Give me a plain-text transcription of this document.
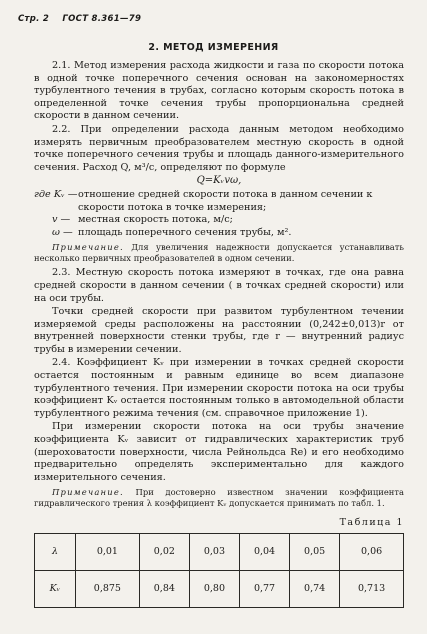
Стр. 2 ГОСТ 8.361—79
2. МЕТОД ИЗМЕРЕНИЯ

2.1. Метод измерения расхода жидкости и газа по скорости потока в одной точке поперечного сечения основан на закономерностях турбулентного течения в трубах, согласно которым скорость потока в определенной точке сечения трубы пропорциональна средней скорости в данном сечении.

2.2. При определении расхода данным методом необходимо измерять первичным преобразователем местную скорость в одной точке поперечного сечения трубы и площадь данного-измерительного сечения. Расход Q, м³/с, определяют по формуле

Q=Kᵥvω,
где Kᵥ — отношение средней скорости потока в данном сечении к скорости потока в точке измерения;
v — местная скорость потока, м/с;
ω — площадь поперечного сечения трубы, м².

Примечание. Для увеличения надежности допускается устанавливать несколько первичных преобразователей в одном сечении.

2.3. Местную скорость потока измеряют в точках, где она равна средней скорости в данном сечении ( в точках средней скорости) или на оси трубы.

Точки средней скорости при развитом турбулентном течении измеряемой среды расположены на расстоянии (0,242±0,013)r от внутренней поверхности стенки трубы, где r — внутренний радиус трубы в измерении сечении.

2.4. Коэффициент Kᵥ при измерении в точках средней скорости остается постоянным и равным единице во всем диапазоне турбулентного течения. При измерении скорости потока на оси трубы коэффициент Kᵥ остается постоянным только в автомодельной области турбулентного режима течения (см. справочное приложение 1).

При измерении скорости потока на оси трубы значение коэффициента Kᵥ зависит от гидравлических характеристик труб (шероховатости поверхности, числа Рейнольдса Re) и его необходимо предварительно определять экспериментально для каждого измерительного сечения.

Примечание. При достоверно известном значении коэффициента гидравлического трения λ коэффициент Kᵥ допускается принимать по табл. 1.

Таблица 1
λ	0,01	0,02	0,03	0,04	0,05	0,06
Kᵥ	0,875	0,84	0,80	0,77	0,74	0,713
